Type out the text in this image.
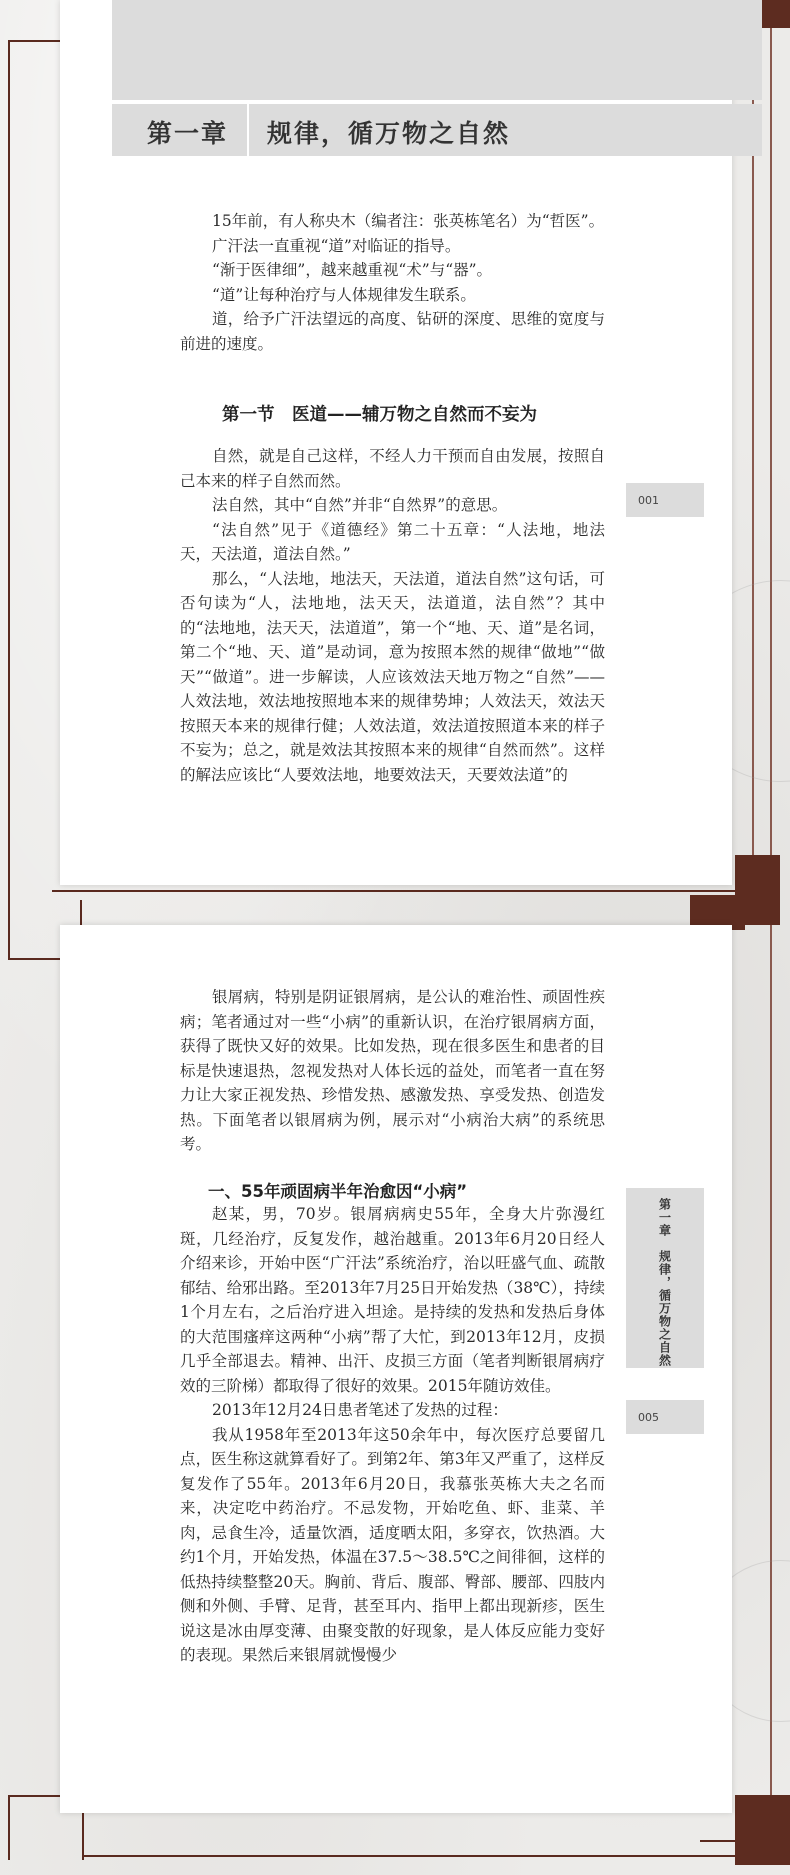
第一章 规律，循万物之自然
15年前，有人称央木（编者注：张英栋笔名）为“哲医”。
广汗法一直重视“道”对临证的指导。
“渐于医律细”，越来越重视“术”与“器”。
“道”让每种治疗与人体规律发生联系。
道，给予广汗法望远的高度、钻研的深度、思维的宽度与前进的速度。
第一节　医道——辅万物之自然而不妄为
自然，就是自己这样，不经人力干预而自由发展，按照自己本来的样子自然而然。
法自然，其中“自然”并非“自然界”的意思。
“法自然”见于《道德经》第二十五章：“人法地，地法天，天法道，道法自然。”
那么，“人法地，地法天，天法道，道法自然”这句话，可否句读为“人，法地地，法天天，法道道，法自然”？其中的“法地地，法天天，法道道”，第一个“地、天、道”是名词，第二个“地、天、道”是动词，意为按照本然的规律“做地”“做天”“做道”。进一步解读，人应该效法天地万物之“自然”——人效法地，效法地按照地本来的规律势坤；人效法天，效法天按照天本来的规律行健；人效法道，效法道按照道本来的样子不妄为；总之，就是效法其按照本来的规律“自然而然”。这样的解法应该比“人要效法地，地要效法天，天要效法道”的
001
银屑病，特别是阴证银屑病，是公认的难治性、顽固性疾病；笔者通过对一些“小病”的重新认识，在治疗银屑病方面，获得了既快又好的效果。比如发热，现在很多医生和患者的目标是快速退热，忽视发热对人体长远的益处，而笔者一直在努力让大家正视发热、珍惜发热、感激发热、享受发热、创造发热。下面笔者以银屑病为例，展示对“小病治大病”的系统思考。
一、55年顽固病半年治愈因“小病”
赵某，男，70岁。银屑病病史55年，全身大片弥漫红斑，几经治疗，反复发作，越治越重。2013年6月20日经人介绍来诊，开始中医“广汗法”系统治疗，治以旺盛气血、疏散郁结、给邪出路。至2013年7月25日开始发热（38℃），持续1个月左右，之后治疗进入坦途。是持续的发热和发热后身体的大范围瘙痒这两种“小病”帮了大忙，到2013年12月，皮损几乎全部退去。精神、出汗、皮损三方面（笔者判断银屑病疗效的三阶梯）都取得了很好的效果。2015年随访效佳。
2013年12月24日患者笔述了发热的过程：
我从1958年至2013年这50余年中，每次医疗总要留几点，医生称这就算看好了。到第2年、第3年又严重了，这样反复发作了55年。2013年6月20日，我慕张英栋大夫之名而来，决定吃中药治疗。不忌发物，开始吃鱼、虾、韭菜、羊肉，忌食生冷，适量饮酒，适度晒太阳，多穿衣，饮热酒。大约1个月，开始发热，体温在37.5～38.5℃之间徘徊，这样的低热持续整整20天。胸前、背后、腹部、臀部、腰部、四肢内侧和外侧、手臂、足背，甚至耳内、指甲上都出现新疹，医生说这是冰由厚变薄、由聚变散的好现象，是人体反应能力变好的表现。果然后来银屑就慢慢少
第一章　规律，循万物之自然
005
